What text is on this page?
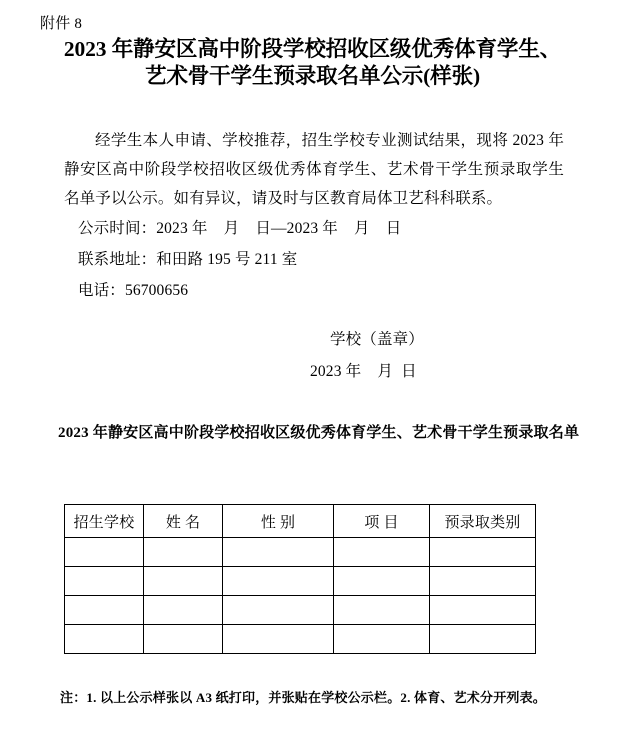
附件 8
2023 年静安区高中阶段学校招收区级优秀体育学生、
艺术骨干学生预录取名单公示(样张)
经学生本人申请、学校推荐，招生学校专业测试结果，现将 2023 年静安区高中阶段学校招收区级优秀体育学生、艺术骨干学生预录取学生名单予以公示。如有异议，请及时与区教育局体卫艺科科联系。
公示时间：2023 年    月    日—2023 年    月    日
联系地址：和田路 195 号 211 室
电话：56700656
学校（盖章）
2023 年    月  日
2023 年静安区高中阶段学校招收区级优秀体育学生、艺术骨干学生预录取名单
招生学校	姓 名	性 别	项 目	预录取类别

注：1. 以上公示样张以 A3 纸打印，并张贴在学校公示栏。2. 体育、艺术分开列表。
